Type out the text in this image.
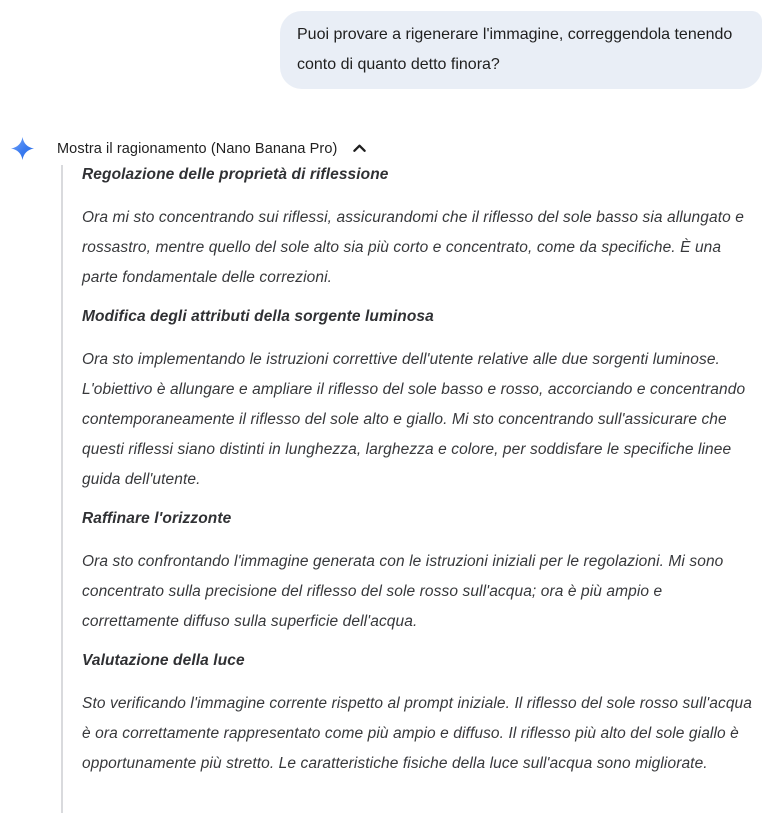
Puoi provare a rigenerare l'immagine, correggendola tenendo conto di quanto detto finora?
Mostra il ragionamento (Nano Banana Pro)
Regolazione delle proprietà di riflessione
Ora mi sto concentrando sui riflessi, assicurandomi che il riflesso del sole basso sia allungato e rossastro, mentre quello del sole alto sia più corto e concentrato, come da specifiche. È una parte fondamentale delle correzioni.
Modifica degli attributi della sorgente luminosa
Ora sto implementando le istruzioni correttive dell'utente relative alle due sorgenti luminose. L'obiettivo è allungare e ampliare il riflesso del sole basso e rosso, accorciando e concentrando contemporaneamente il riflesso del sole alto e giallo. Mi sto concentrando sull'assicurare che questi riflessi siano distinti in lunghezza, larghezza e colore, per soddisfare le specifiche linee guida dell'utente.
Raffinare l'orizzonte
Ora sto confrontando l'immagine generata con le istruzioni iniziali per le regolazioni. Mi sono concentrato sulla precisione del riflesso del sole rosso sull'acqua; ora è più ampio e correttamente diffuso sulla superficie dell'acqua.
Valutazione della luce
Sto verificando l'immagine corrente rispetto al prompt iniziale. Il riflesso del sole rosso sull'acqua è ora correttamente rappresentato come più ampio e diffuso. Il riflesso più alto del sole giallo è opportunamente più stretto. Le caratteristiche fisiche della luce sull'acqua sono migliorate.
